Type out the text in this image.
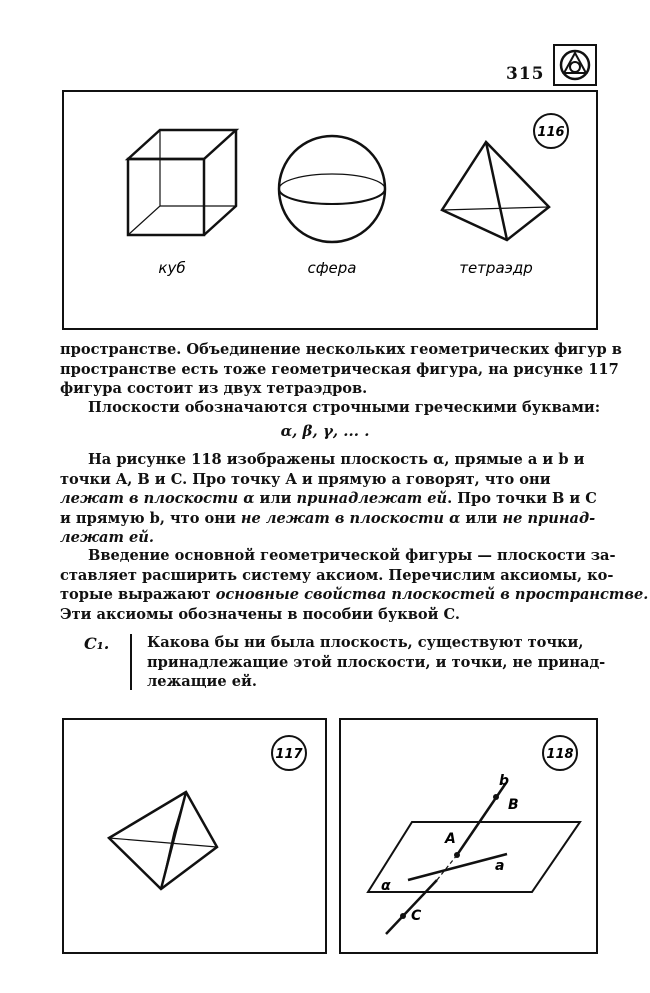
315
116
куб	сфера	тетраэдр
пространстве. Объединение нескольких геометрических фигур в
пространстве есть тоже геометрическая фигура, на рисунке 117
фигура состоит из двух тетраэдров.
Плоскости обозначаются строчными греческими буквами:
α, β, γ, ... .
На рисунке 118 изображены плоскость α, прямые a и b и
точки A, B и C. Про точку A и прямую a говорят, что они
лежат в плоскости α или принадлежат ей. Про точки B и C
и прямую b, что они не лежат в плоскости α или не принад-
лежат ей.
Введение основной геометрической фигуры — плоскости за-
ставляет расширить систему аксиом. Перечислим аксиомы, ко-
торые выражают основные свойства плоскостей в пространстве.
Эти аксиомы обозначены в пособии буквой C.
C₁.	Какова бы ни была плоскость, существуют точки,
принадлежащие этой плоскости, и точки, не принад-
лежащие ей.
117	118
b
B
A
a
α
C
